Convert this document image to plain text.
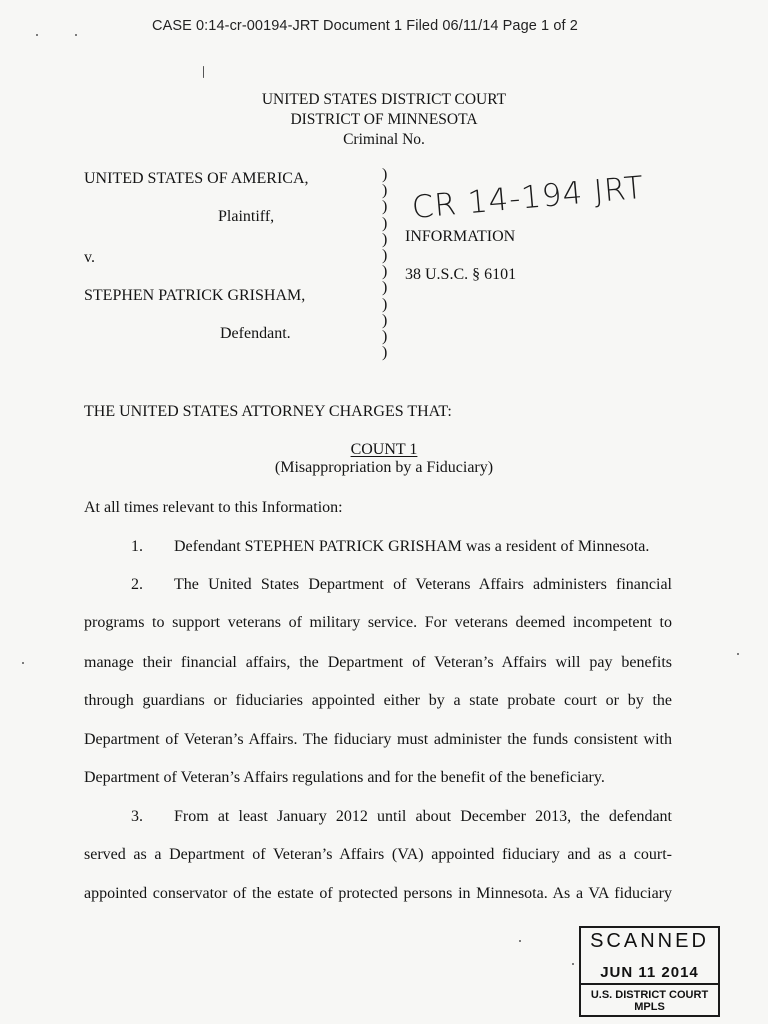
CASE 0:14-cr-00194-JRT Document 1 Filed 06/11/14 Page 1 of 2
UNITED STATES DISTRICT COURT
DISTRICT OF MINNESOTA
Criminal No.
UNITED STATES OF AMERICA,
Plaintiff,
v.
STEPHEN PATRICK GRISHAM,
Defendant.
)
)
)
)
)
)
)
)
)
)
)
)
CR 14-194 JRT
INFORMATION
38 U.S.C. § 6101
THE UNITED STATES ATTORNEY CHARGES THAT:
COUNT 1
(Misappropriation by a Fiduciary)
At all times relevant to this Information:
1. Defendant STEPHEN PATRICK GRISHAM was a resident of Minnesota.
2. The United States Department of Veterans Affairs administers financial
programs to support veterans of military service. For veterans deemed incompetent to
manage their financial affairs, the Department of Veteran’s Affairs will pay benefits
through guardians or fiduciaries appointed either by a state probate court or by the
Department of Veteran’s Affairs. The fiduciary must administer the funds consistent with
Department of Veteran’s Affairs regulations and for the benefit of the beneficiary.
3. From at least January 2012 until about December 2013, the defendant
served as a Department of Veteran’s Affairs (VA) appointed fiduciary and as a court-
appointed conservator of the estate of protected persons in Minnesota. As a VA fiduciary
SCANNED
JUN 11 2014
U.S. DISTRICT COURT MPLS
